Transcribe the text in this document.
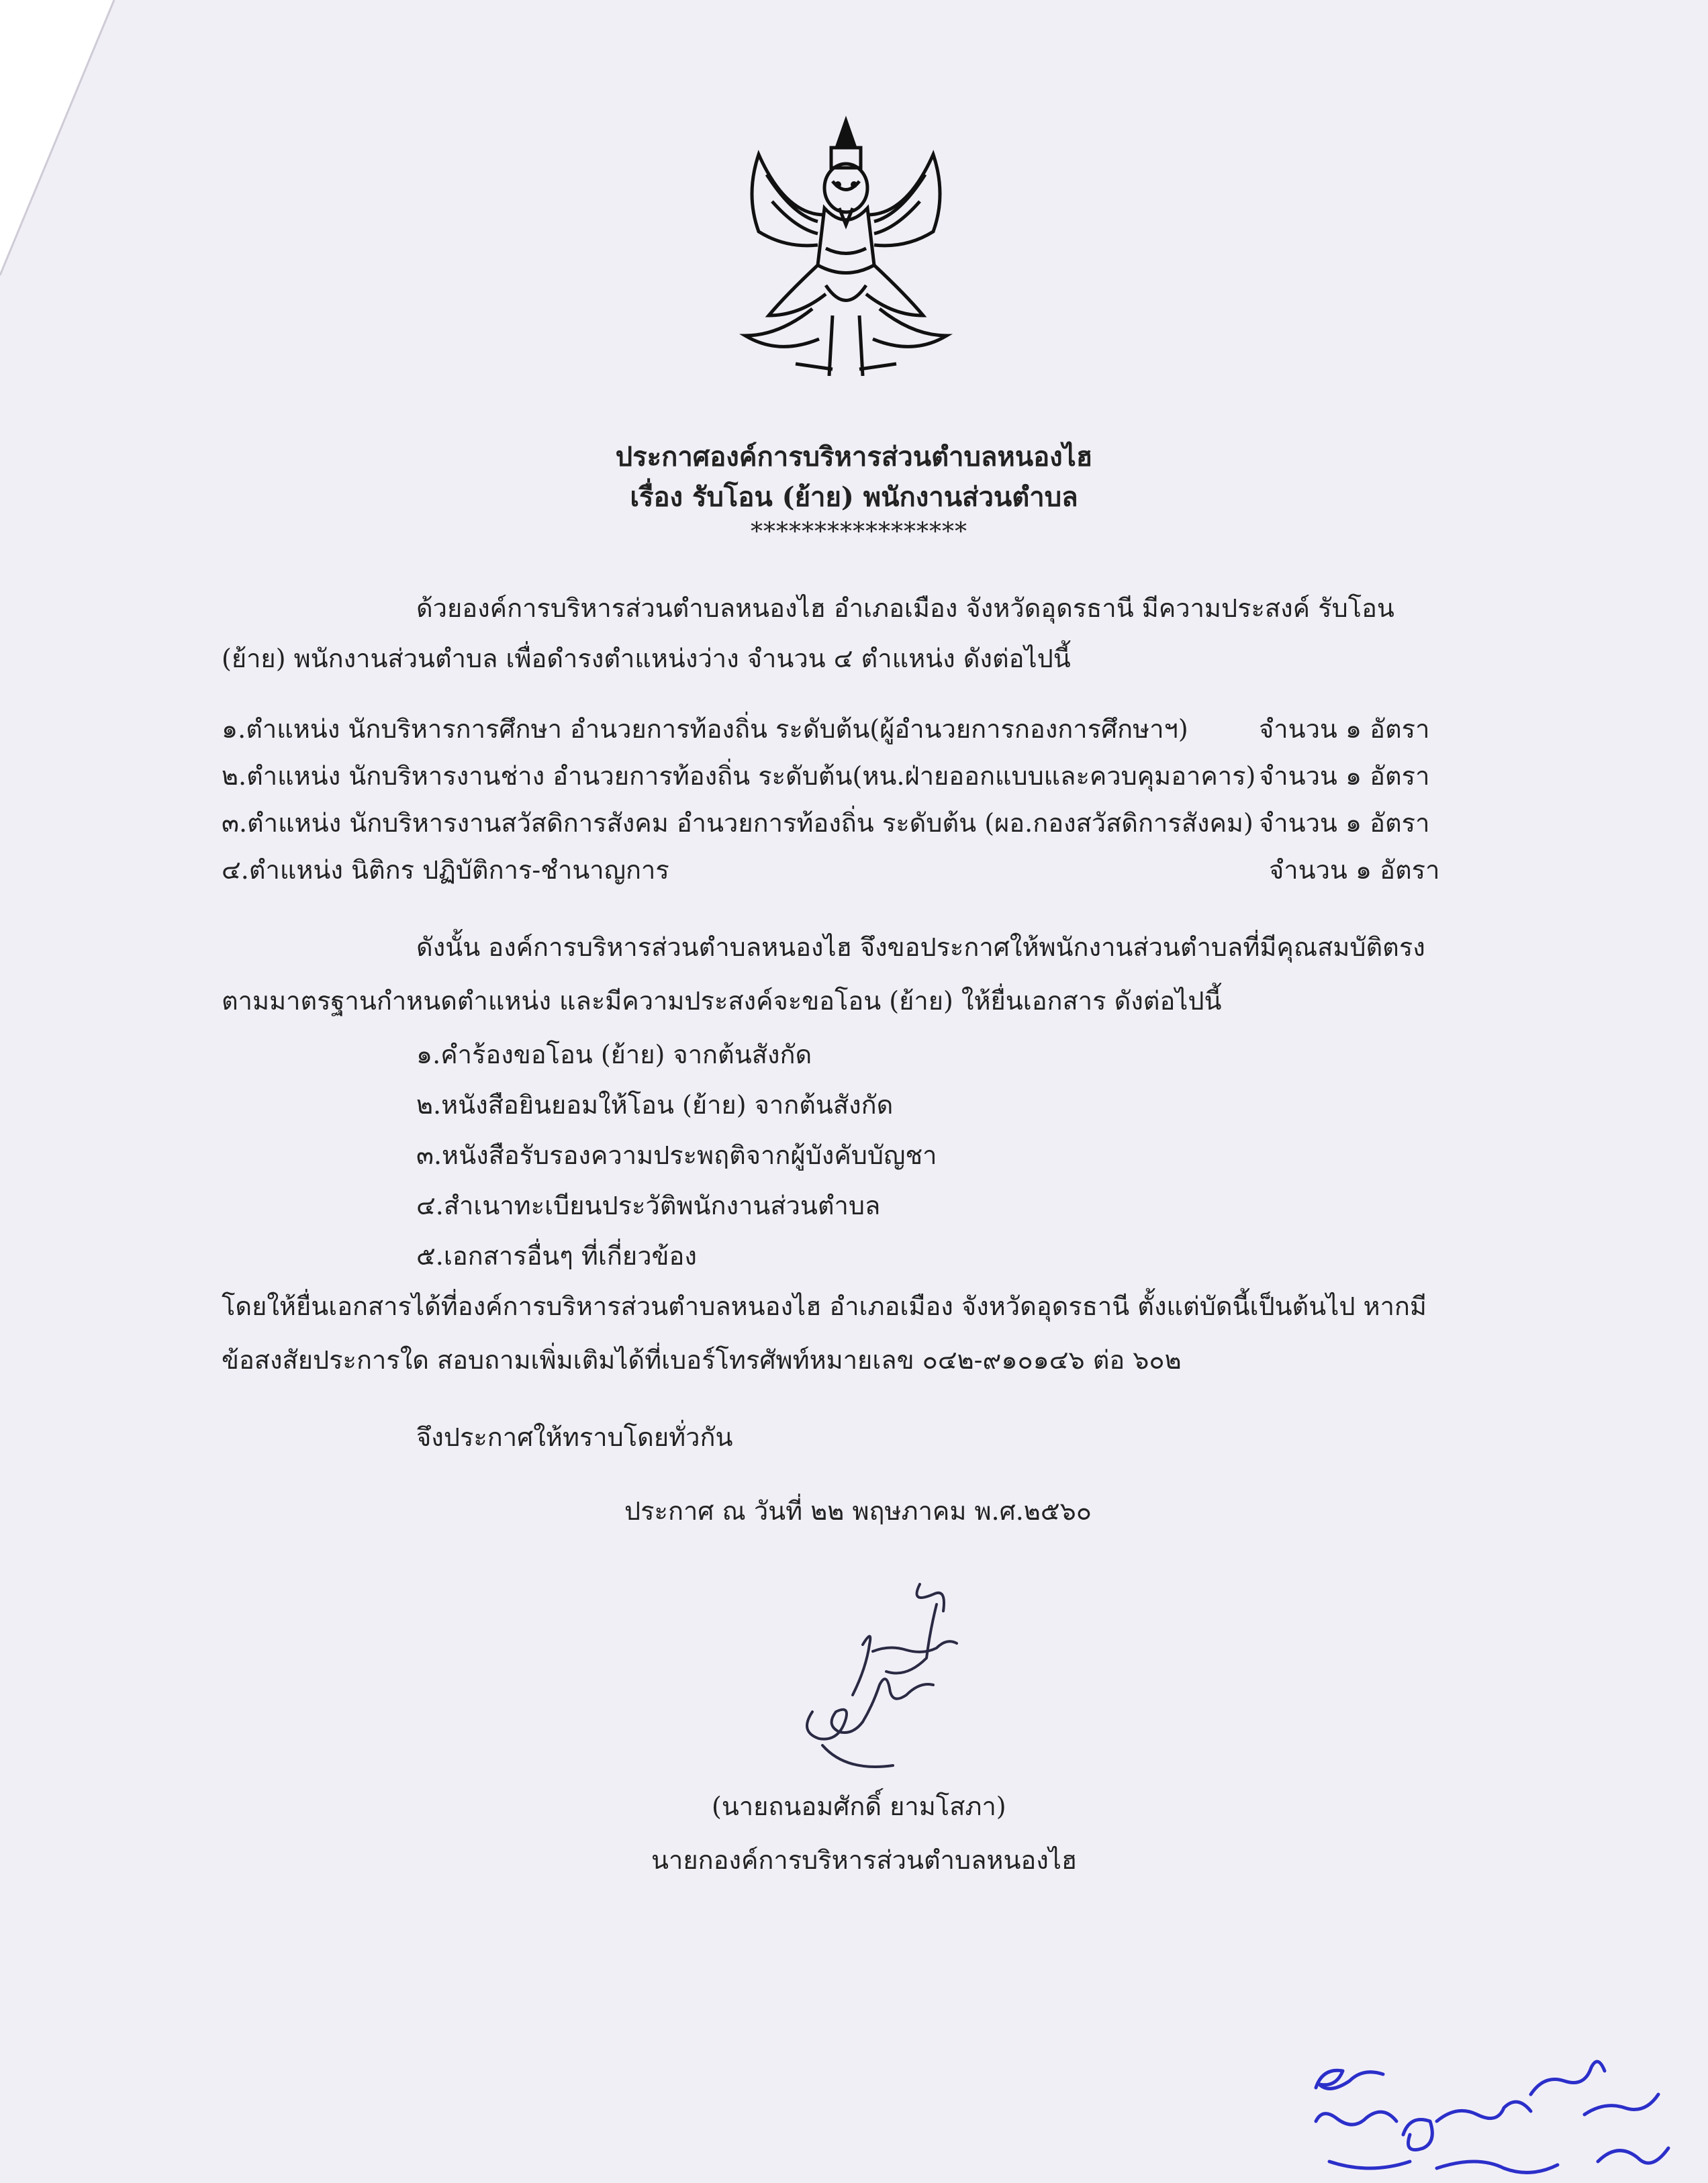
ประกาศองค์การบริหารส่วนตำบลหนองไฮ
เรื่อง รับโอน (ย้าย) พนักงานส่วนตำบล
*****************
ด้วยองค์การบริหารส่วนตำบลหนองไฮ อำเภอเมือง จังหวัดอุดรธานี มีความประสงค์ รับโอน
(ย้าย) พนักงานส่วนตำบล เพื่อดำรงตำแหน่งว่าง จำนวน ๔ ตำแหน่ง ดังต่อไปนี้
๑.ตำแหน่ง นักบริหารการศึกษา อำนวยการท้องถิ่น ระดับต้น(ผู้อำนวยการกองการศึกษาฯ)	จำนวน ๑ อัตรา
๒.ตำแหน่ง นักบริหารงานช่าง อำนวยการท้องถิ่น ระดับต้น(หน.ฝ่ายออกแบบและควบคุมอาคาร) จำนวน ๑ อัตรา
๓.ตำแหน่ง นักบริหารงานสวัสดิการสังคม อำนวยการท้องถิ่น ระดับต้น (ผอ.กองสวัสดิการสังคม) จำนวน ๑ อัตรา
๔.ตำแหน่ง นิติกร ปฏิบัติการ-ชำนาญการ	จำนวน ๑ อัตรา
ดังนั้น องค์การบริหารส่วนตำบลหนองไฮ จึงขอประกาศให้พนักงานส่วนตำบลที่มีคุณสมบัติตรง
ตามมาตรฐานกำหนดตำแหน่ง และมีความประสงค์จะขอโอน (ย้าย) ให้ยื่นเอกสาร ดังต่อไปนี้
๑.คำร้องขอโอน (ย้าย) จากต้นสังกัด
๒.หนังสือยินยอมให้โอน (ย้าย) จากต้นสังกัด
๓.หนังสือรับรองความประพฤติจากผู้บังคับบัญชา
๔.สำเนาทะเบียนประวัติพนักงานส่วนตำบล
๕.เอกสารอื่นๆ ที่เกี่ยวข้อง
โดยให้ยื่นเอกสารได้ที่องค์การบริหารส่วนตำบลหนองไฮ อำเภอเมือง จังหวัดอุดรธานี ตั้งแต่บัดนี้เป็นต้นไป หากมี
ข้อสงสัยประการใด สอบถามเพิ่มเติมได้ที่เบอร์โทรศัพท์หมายเลข ๐๔๒-๙๑๐๑๔๖ ต่อ ๖๐๒
จึงประกาศให้ทราบโดยทั่วกัน
ประกาศ ณ วันที่ ๒๒ พฤษภาคม พ.ศ.๒๕๖๐
(นายถนอมศักดิ์ ยามโสภา)
นายกองค์การบริหารส่วนตำบลหนองไฮ
